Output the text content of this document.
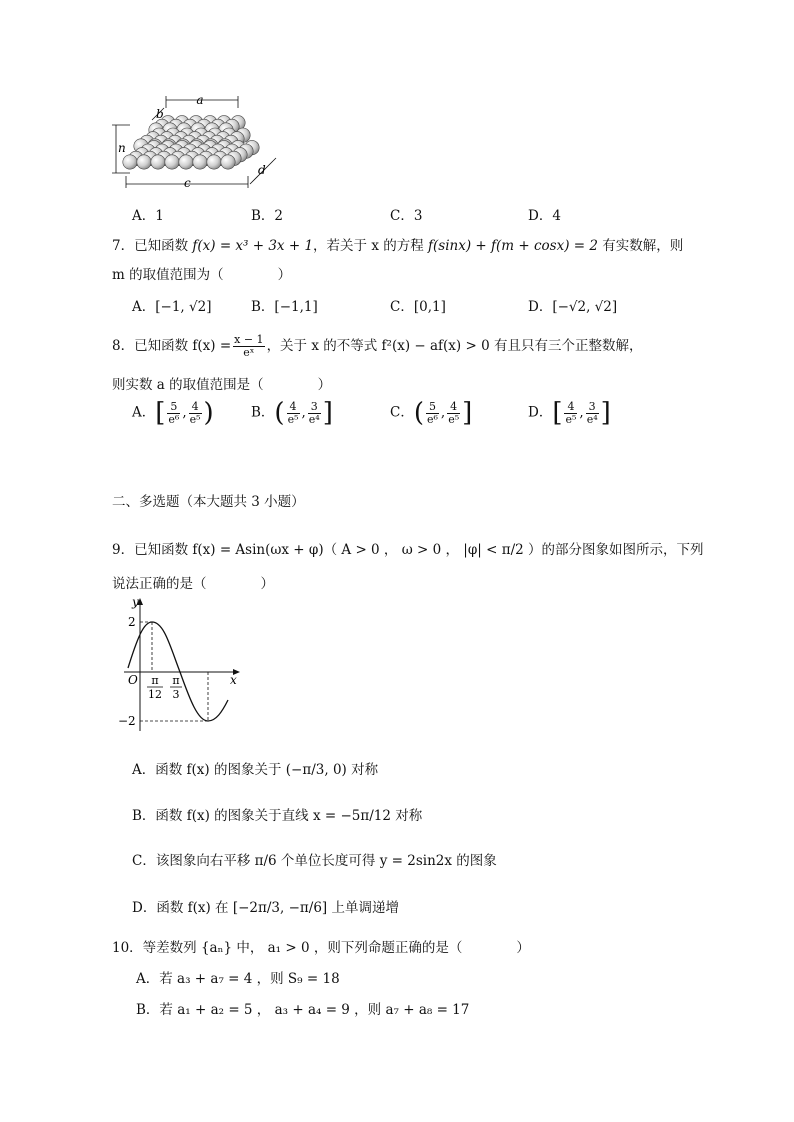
a
b
n
c
d
A．1	B．2	C．3	D．4
7．已知函数 f(x) = x³ + 3x + 1，若关于 x 的方程 f(sinx) + f(m + cosx) = 2 有实数解，则
m 的取值范围为（　　　　）
A．[−1, √2]	B．[−1,1]	C．[0,1]	D．[−√2, √2]
8．已知函数 $f(x) = \frac{x - 1}{\text{eˣ}}$ ，关于 x 的不等式 f²(x) − af(x) > 0 有且只有三个正整数解，
则实数 a 的取值范围是（　　　　）
A．[ $\frac{5}{\text{e⁶}}$ , $\frac{4}{\text{e⁵}}$ )	B．( $\frac{4}{\text{e⁵}}$ , $\frac{3}{\text{e⁴}}$ ]	C．( $\frac{5}{\text{e⁶}}$ , $\frac{4}{\text{e⁵}}$ ]	D．[ $\frac{4}{\text{e⁵}}$ , $\frac{3}{\text{e⁴}}$ ]
二、多选题（本大题共 3 小题）
9．已知函数 f(x) = Asin(ωx + φ)（ A > 0 ， ω > 0 ， |φ| < π/2 ）的部分图象如图所示，下列
说法正确的是（　　　　）
y
x
O
2
−2
π
12
π
3
A．函数 f(x) 的图象关于 (−π/3, 0) 对称
B．函数 f(x) 的图象关于直线 x = −5π/12 对称
C．该图象向右平移 π/6 个单位长度可得 y = 2sin2x 的图象
D．函数 f(x) 在 [−2π/3, −π/6] 上单调递增
10．等差数列 {aₙ} 中， a₁ > 0 ，则下列命题正确的是（　　　　）
A．若 a₃ + a₇ = 4 ，则 S₉ = 18
B．若 a₁ + a₂ = 5 ， a₃ + a₄ = 9 ，则 a₇ + a₈ = 17
